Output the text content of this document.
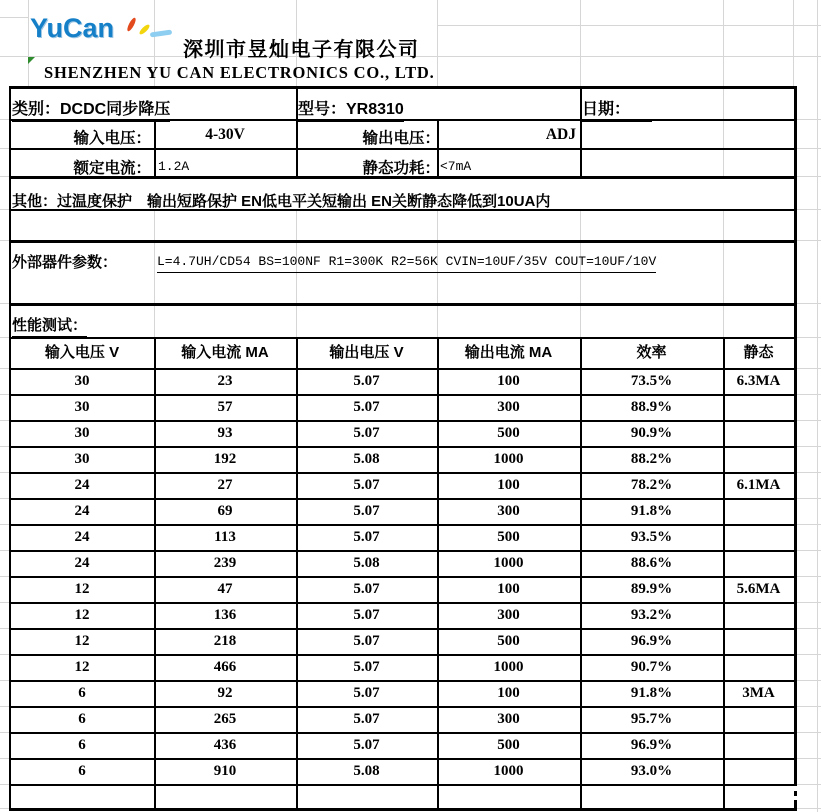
YuCan
深圳市昱灿电子有限公司
SHENZHEN YU CAN ELECTRONICS CO., LTD.
类别：DCDC同步降压	型号：YR8310	日期：
输入电压：	4-30V	输出电压：	ADJ
额定电流： 1.2A	静态功耗： <7mA
其他：过温度保护　输出短路保护 EN低电平关短输出 EN关断静态降低到10UA内
外部器件参数：	L=4.7UH/CD54 BS=100NF R1=300K R2=56K CVIN=10UF/35V COUT=10UF/10V
性能测试：
输入电压 V	输入电流 MA	输出电压 V	输出电流 MA	效率	静态
30	23	5.07	100	73.5%	6.3MA
30	57	5.07	300	88.9%
30	93	5.07	500	90.9%
30	192	5.08	1000	88.2%
24	27	5.07	100	78.2%	6.1MA
24	69	5.07	300	91.8%
24	113	5.07	500	93.5%
24	239	5.08	1000	88.6%
12	47	5.07	100	89.9%	5.6MA
12	136	5.07	300	93.2%
12	218	5.07	500	96.9%
12	466	5.07	1000	90.7%
6	92	5.07	100	91.8%	3MA
6	265	5.07	300	95.7%
6	436	5.07	500	96.9%
6	910	5.08	1000	93.0%
